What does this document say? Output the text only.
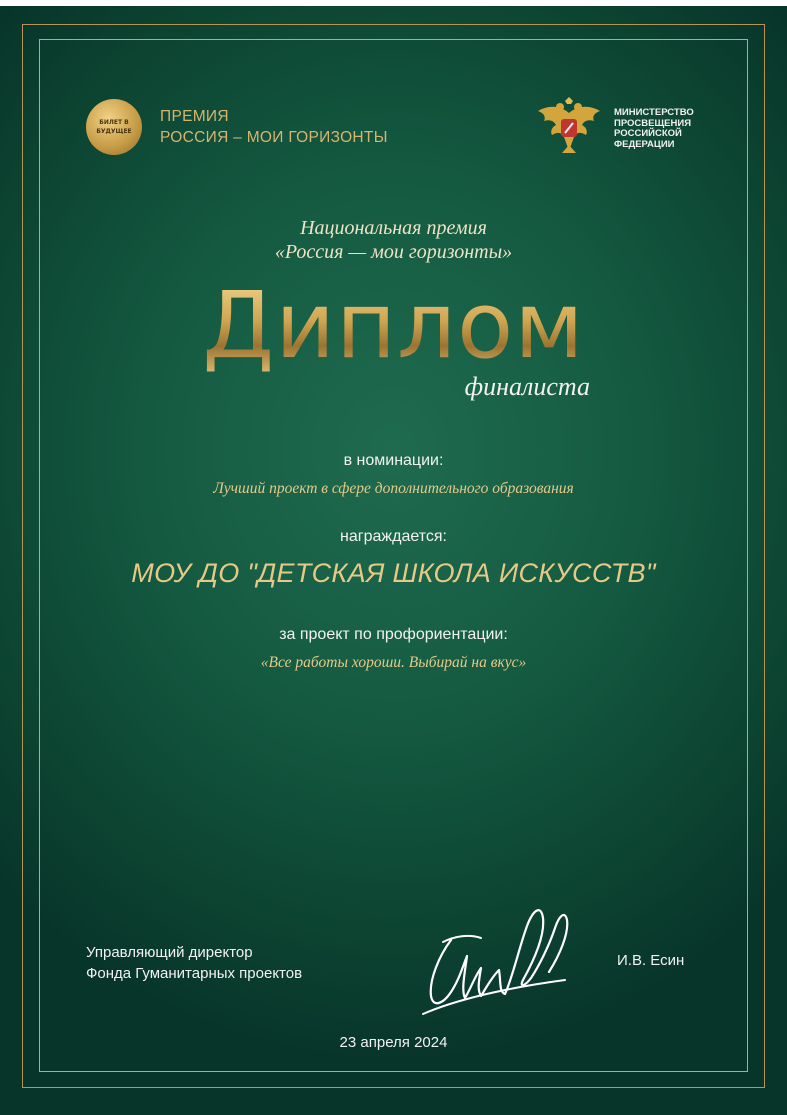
БИЛЕТ В
БУДУЩЕЕ
ПРЕМИЯ
РОССИЯ – МОИ ГОРИЗОНТЫ
МИНИСТЕРСТВО
ПРОСВЕЩЕНИЯ
РОССИЙСКОЙ
ФЕДЕРАЦИИ
Национальная премия
«Россия — мои горизонты»
Диплом
финалиста
в номинации:
Лучший проект в сфере дополнительного образования
награждается:
МОУ ДО "ДЕТСКАЯ ШКОЛА ИСКУССТВ"
за проект по профориентации:
«Все работы хороши. Выбирай на вкус»
Управляющий директор
Фонда Гуманитарных проектов
И.В. Есин
23 апреля 2024
